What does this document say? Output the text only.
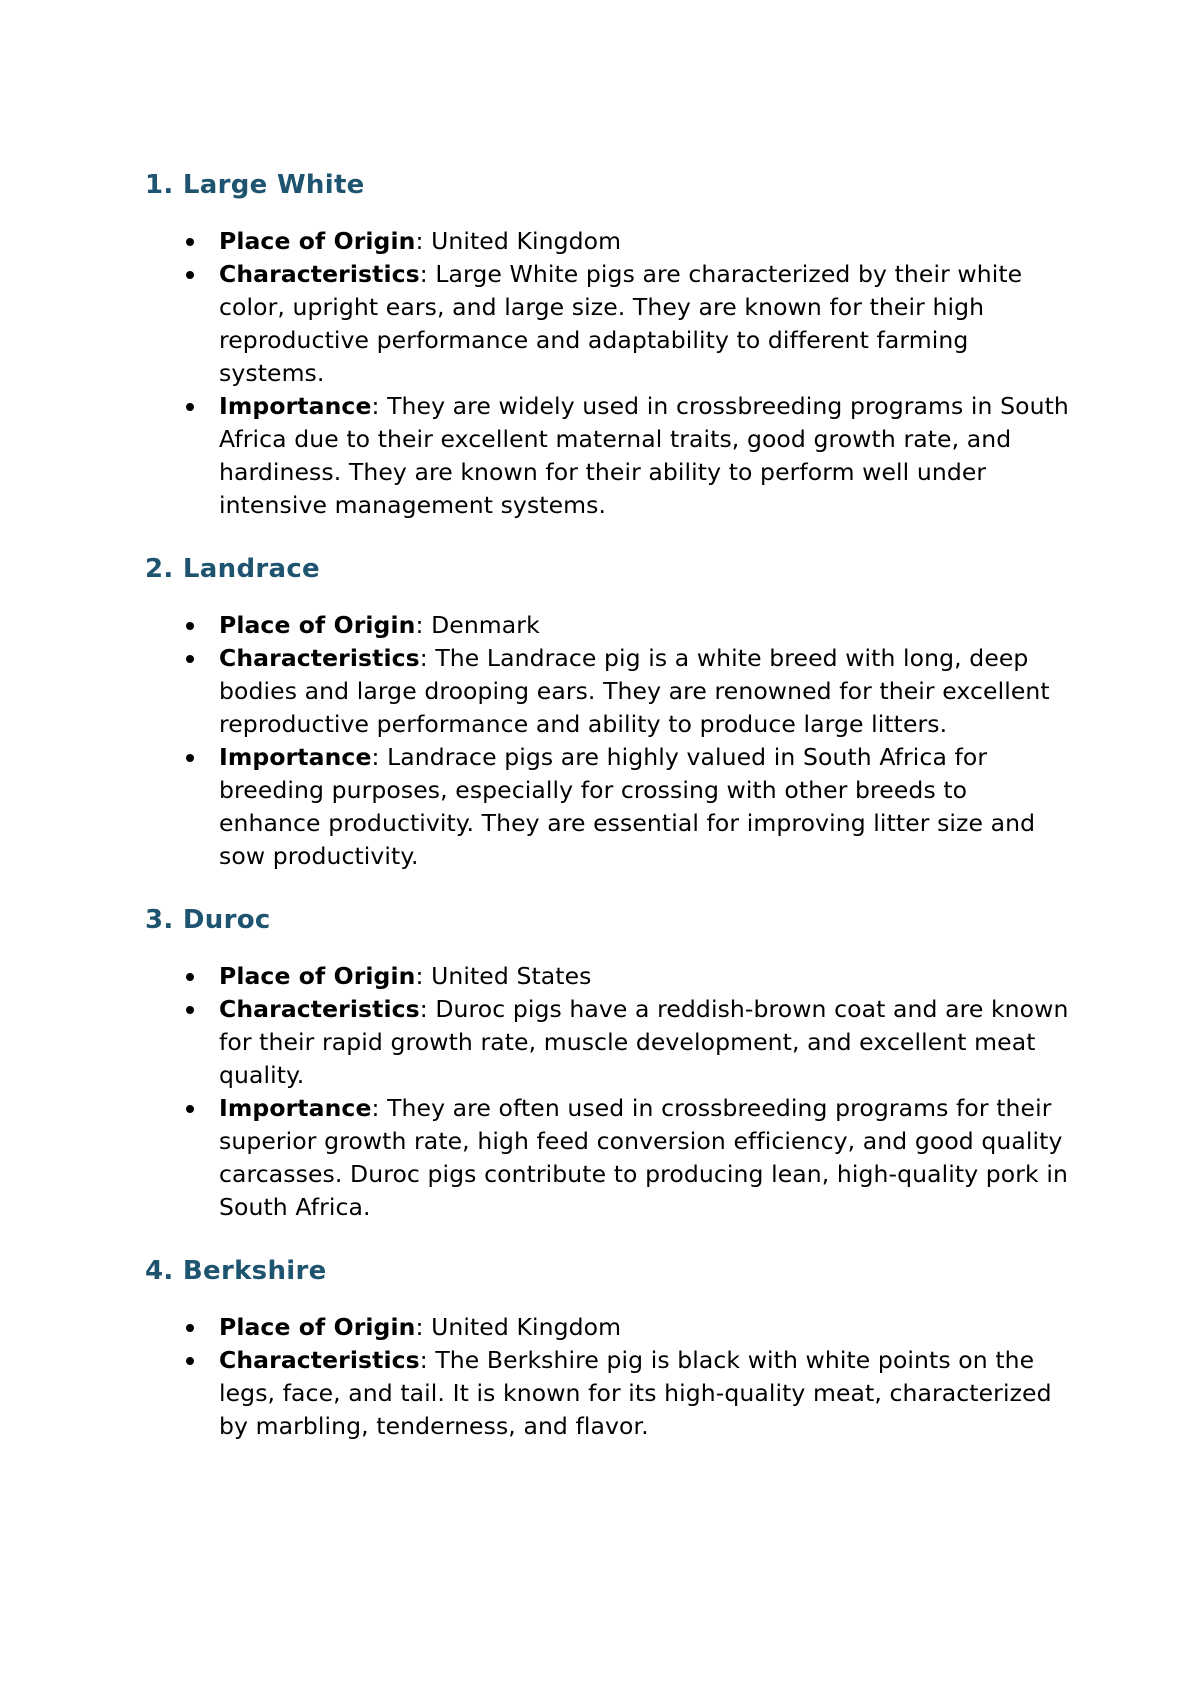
1. Large White
Place of Origin: United Kingdom
Characteristics: Large White pigs are characterized by their white color, upright ears, and large size. They are known for their high reproductive performance and adaptability to different farming systems.
Importance: They are widely used in crossbreeding programs in South Africa due to their excellent maternal traits, good growth rate, and hardiness. They are known for their ability to perform well under intensive management systems.
2. Landrace
Place of Origin: Denmark
Characteristics: The Landrace pig is a white breed with long, deep bodies and large drooping ears. They are renowned for their excellent reproductive performance and ability to produce large litters.
Importance: Landrace pigs are highly valued in South Africa for breeding purposes, especially for crossing with other breeds to enhance productivity. They are essential for improving litter size and sow productivity.
3. Duroc
Place of Origin: United States
Characteristics: Duroc pigs have a reddish-brown coat and are known for their rapid growth rate, muscle development, and excellent meat quality.
Importance: They are often used in crossbreeding programs for their superior growth rate, high feed conversion efficiency, and good quality carcasses. Duroc pigs contribute to producing lean, high-quality pork in South Africa.
4. Berkshire
Place of Origin: United Kingdom
Characteristics: The Berkshire pig is black with white points on the legs, face, and tail. It is known for its high-quality meat, characterized by marbling, tenderness, and flavor.
